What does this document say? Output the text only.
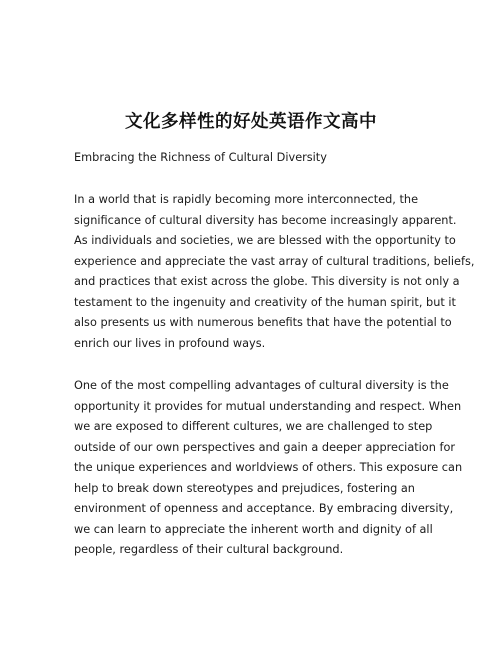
文化多样性的好处英语作文高中
Embracing the Richness of Cultural Diversity
In a world that is rapidly becoming more interconnected, the
significance of cultural diversity has become increasingly apparent.
As individuals and societies, we are blessed with the opportunity to
experience and appreciate the vast array of cultural traditions, beliefs,
and practices that exist across the globe. This diversity is not only a
testament to the ingenuity and creativity of the human spirit, but it
also presents us with numerous benefits that have the potential to
enrich our lives in profound ways.
One of the most compelling advantages of cultural diversity is the
opportunity it provides for mutual understanding and respect. When
we are exposed to different cultures, we are challenged to step
outside of our own perspectives and gain a deeper appreciation for
the unique experiences and worldviews of others. This exposure can
help to break down stereotypes and prejudices, fostering an
environment of openness and acceptance. By embracing diversity,
we can learn to appreciate the inherent worth and dignity of all
people, regardless of their cultural background.
